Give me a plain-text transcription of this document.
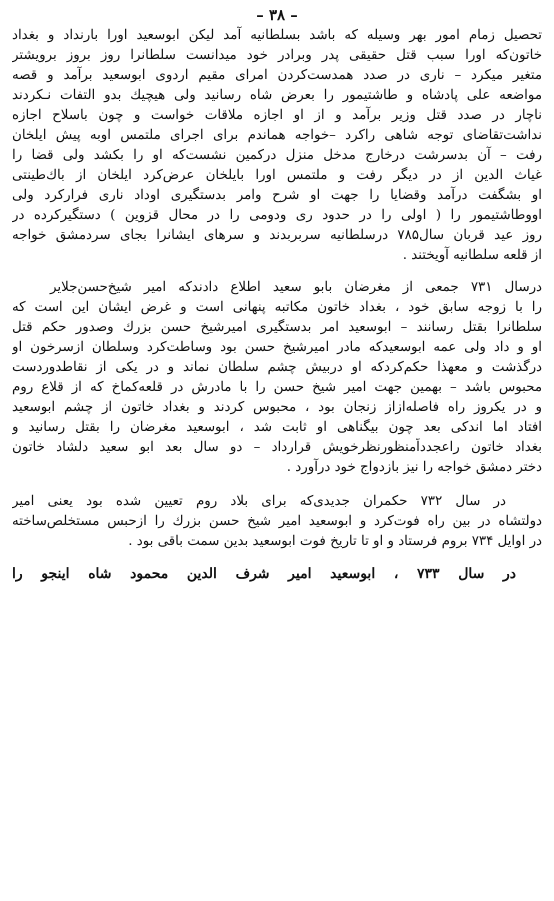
– ۳۸ –
تحصیل زمام امور بهر وسیله که باشد بسلطانیه آمد لیکن ابوسعید اورا بارنداد و بغداد
خاتون‌که اورا سبب قتل حقیقی پدر وبرادر خود میدانست سلطانرا روز بروز برویشتر
متغیر میکرد – ناری در صدد همدست‌کردن امرای مقیم اردوی ابوسعید برآمد و قصه
مواضعه علی پادشاه و طاشتیمور را بعرض شاه رسانید ولی هیچیك بدو التفات نـکردند
ناچار در صدد قتل وزیر برآمد و از او اجازه ملاقات خواست و چون باسلاح اجازه
نداشت‌تقاضای توجه شاهی راکرد –خواجه هماندم برای اجرای ملتمس اوبه پیش ایلخان
رفت – آن بدسرشت درخارج مدخل منزل درکمین نشست‌که او را بکشد ولی قضا را
غیاث الدین از در دیگر رفت و ملتمس اورا بایلخان عرض‌کرد ایلخان از باك‌طینتی
او بشگفت درآمد وقضایا را جهت او شرح وامر بدستگیری اوداد ناری فرارکرد ولی
اووطاشتیمور را ( اولی را در حدود ری ودومی را در محال قزوین ) دستگیر‌کرده در
روز عید قربان سال۷۸۵ درسلطانیه سربربدند و سرهای ایشانرا بجای سردمشق خواجه
از قلعه سلطانیه آویختند .
درسال ۷۳۱ جمعی از مغرضان بابو سعید اطلاع دادندکه امیر شیخ‌حسن‌جلایر
را با زوجه سابق خود ، بغداد خاتون مکاتبه پنهانی است و غرض ایشان این است که
سلطانرا بقتل رسانند – ابوسعید امر بدستگیری امیرشیخ حسن بزرك وصدور حکم قتل
او و داد ولی عمه ابوسعیدکه مادر امیرشیخ حسن بود وساطت‌کرد وسلطان ازسرخون او
درگذشت و معهذا حکم‌کردکه او دربیش چشم سلطان نماند و در یکی از نقاطدوردست
محبوس باشد – بهمین جهت امیر شیخ حسن را با مادرش در قلعه‌کماخ که از قلاع روم
و در یکروز راه فاصله‌ازاز زنجان بود ، محبوس کردند و بغداد خاتون از چشم ابوسعید
افتاد اما اندکی بعد چون بیگناهی او ثابت شد ، ابوسعید مغرضان را بقتل رسانید و
بغداد خاتون راعجدداًمنظورنظرخویش قرارداد – دو سال بعد ابو سعید دلشاد خاتون
دختر دمشق خواجه را نیز بازدواج خود درآورد .
در سال ۷۳۲ حکمران جدیدی‌که برای بلاد روم تعیین شده بود یعنی امیر
دولتشاه در بین راه فوت‌کرد و ابوسعید امیر شیخ حسن بزرك را ازحبس مستخلص‌ساخته
در اوایل ۷۳۴ بروم فرستاد و او تا تاریخ فوت ابوسعید بدین سمت باقی بود .
در سال ۷۳۳ ، ابوسعید امیر شرف الدین محمود شاه اینجو را
